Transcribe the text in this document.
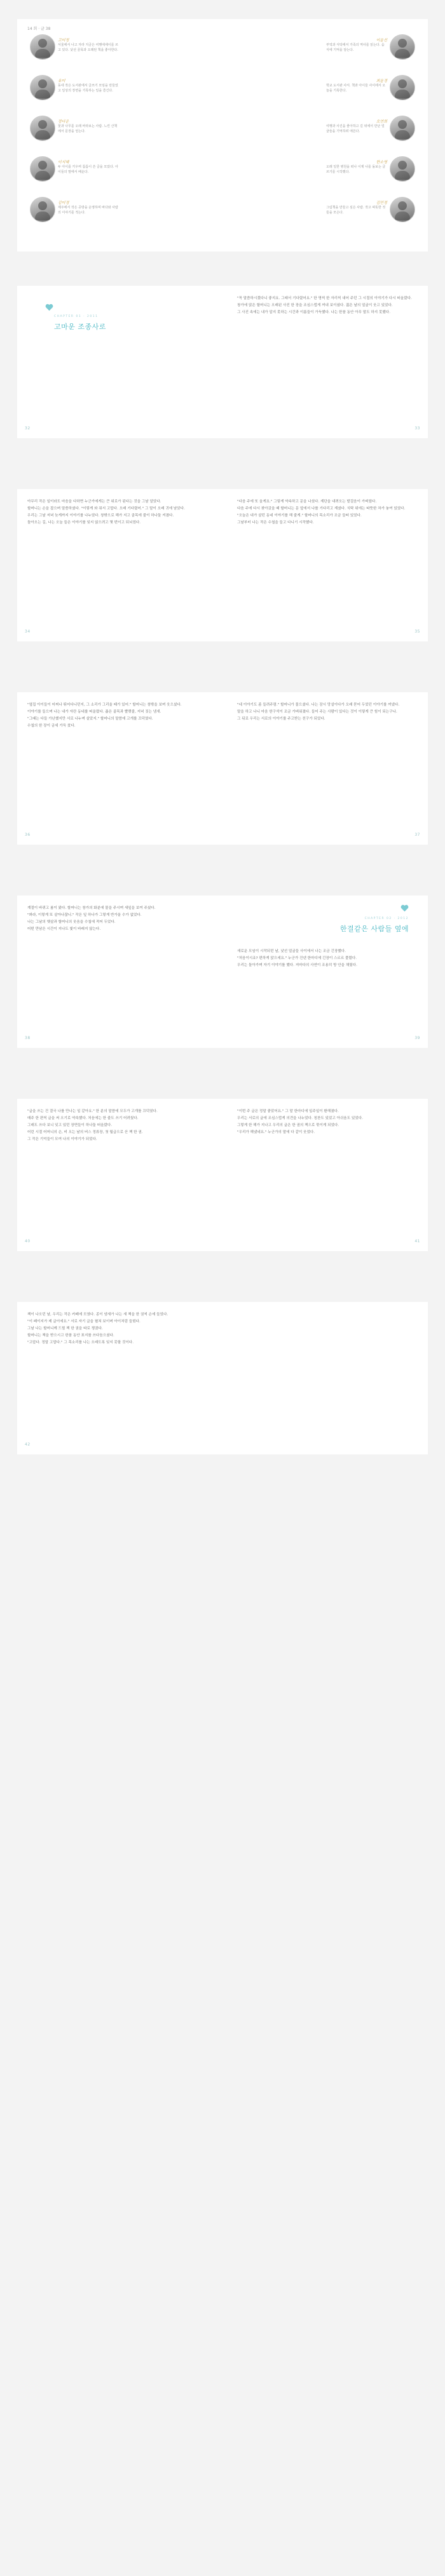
14 회 · 글 38
고미정
서울에서 나고 자라 지금은 여행에세이를 쓰고 있다. 낯선 골목과 오래된 책을 좋아한다.
유미
동네 작은 도서관에서 글쓰기 모임을 만들었고 일상의 장면을 기록하는 일을 즐긴다.
정다운
꽃과 나무를 오래 바라보는 사람. 느린 산책에서 문장을 얻는다.
이지혜
두 아이를 키우며 틈틈이 쓴 글을 모았다. 아이들의 말에서 배운다.
김미경
제주에서 작은 공방을 운영하며 바다와 사람의 이야기를 적는다.
이윤선
부엌과 식탁에서 가족의 역사를 읽는다. 음식에 기억을 담는다.
최윤경
학교 도서관 사서. 책과 아이들 사이에서 오늘을 기록한다.
오연희
여행과 사진을 좋아하고 길 위에서 만난 얼굴들을 기억하려 애쓴다.
한소영
오래 일한 병원을 떠나 이제 나를 돌보는 글쓰기를 시작했다.
김민정
그림책을 만들고 싶은 사람. 작고 따뜻한 것들을 모은다.
CHAPTER 01 · 2011
고마운 조종사로
32

"꼭 말씀하시겠다니 좋지요. 그래서 기다렸어요." 한 명씩 한 자리씩 내어 주던 그 시절의 이야기가 다시 떠올랐다.

창가에 앉은 할머니는 오래된 사진 한 장을 조심스럽게 꺼내 보이셨다. 젊은 날의 얼굴이 웃고 있었다.

그 사진 속에는 내가 알지 못하는 시간과 이름들이 가득했다. 나는 한참 동안 아무 말도 하지 못했다.

33

아무리 작은 일이라도 마음을 다하면 누군가에게는 큰 위로가 된다는 것을 그날 알았다.

할머니는 손을 잡으며 말씀하셨다. "이렇게 와 줘서 고맙다. 오래 기다렸어." 그 말이 오래 귀에 남았다.

우리는 그날 저녁 늦게까지 이야기를 나누었다. 창밖으로 해가 지고 골목에 불이 하나둘 켜졌다.

돌아오는 길, 나는 오늘 들은 이야기를 잊지 않으려고 몇 번이고 되뇌었다.

34

"다음 주에 또 올게요." 그렇게 약속하고 문을 나섰다. 계단을 내려오는 발걸음이 가벼웠다.

다음 주에 다시 찾아갔을 때 할머니는 문 앞에서 나를 기다리고 계셨다. 식탁 위에는 따뜻한 차가 놓여 있었다.

"오늘은 내가 살던 동네 이야기를 해 줄게." 할머니의 목소리가 조금 들떠 있었다.

그날부터 나는 작은 수첩을 들고 다니기 시작했다.

35

"옆집 아이들이 어찌나 뛰어다니던지, 그 소리가 그리울 때가 있어." 할머니는 창밖을 보며 웃으셨다.

이야기를 들으며 나는 내가 자란 동네를 떠올렸다. 좁은 골목과 빨랫줄, 저녁 짓는 냄새.

"그때는 다들 가난했지만 서로 나누며 살았지." 할머니의 말씀에 고개를 끄덕였다.

수첩의 한 장이 금세 가득 찼다.

36

"네 이야기도 좀 들려주렴." 할머니가 물으셨다. 나는 잠시 망설이다가 오래 묻어 두었던 이야기를 꺼냈다.

말을 하고 나니 마음 한구석이 조금 가벼워졌다. 들어 주는 사람이 있다는 것이 이렇게 큰 힘이 되는구나.

그 뒤로 우리는 서로의 이야기를 주고받는 친구가 되었다.

37

계절이 바뀌고 봄이 왔다. 할머니는 창가의 화분에 물을 주시며 새잎을 보여 주셨다.

"봐라, 이렇게 또 살아나잖니." 작은 잎 하나가 그렇게 반가울 수가 없었다.

나는 그날의 햇살과 할머니의 웃음을 수첩에 적어 두었다.

어떤 만남은 시간이 지나도 빛이 바래지 않는다.

38
CHAPTER 02 · 2012
한결같은 사람들 옆에

새로운 모임이 시작되던 날, 낯선 얼굴들 사이에서 나는 조금 긴장했다.

"처음이시죠? 편하게 앉으세요." 누군가 건넨 한마디에 긴장이 스르르 풀렸다.

우리는 돌아가며 자기 이야기를 했다. 저마다의 사연이 조용히 방 안을 채웠다.

39

"글을 쓰는 건 결국 나를 만나는 일 같아요." 한 분의 말씀에 모두가 고개를 끄덕였다.

매주 한 편씩 글을 써 오기로 약속했다. 처음에는 한 줄도 쓰기 어려웠다.

그래도 쓰다 보니 잊고 있던 장면들이 하나둘 떠올랐다.

어린 시절 어머니의 손, 비 오는 날의 버스 정류장, 첫 월급으로 산 책 한 권.

그 작은 기억들이 모여 나의 이야기가 되었다.

40

"이번 주 글은 정말 좋았어요." 그 말 한마디에 일주일이 환해졌다.

우리는 서로의 글에 조심스럽게 의견을 나누었다. 칭찬도 있었고 아쉬움도 있었다.

그렇게 한 해가 지나고 우리의 글은 한 권의 책으로 묶이게 되었다.

"우리가 해냈네요." 누군가의 말에 다 같이 웃었다.

41

책이 나오던 날, 우리는 작은 카페에 모였다. 종이 냄새가 나는 새 책을 한 권씩 손에 들었다.

"이 페이지가 제 글이에요." 서로 자기 글을 펼쳐 보이며 아이처럼 들떴다.

그날 나는 할머니께 드릴 책 한 권을 따로 챙겼다.

할머니는 책을 받으시고 한참 동안 표지를 쓰다듬으셨다.

"고맙다. 정말 고맙다." 그 목소리를 나는 오래도록 잊지 못할 것이다.

42
